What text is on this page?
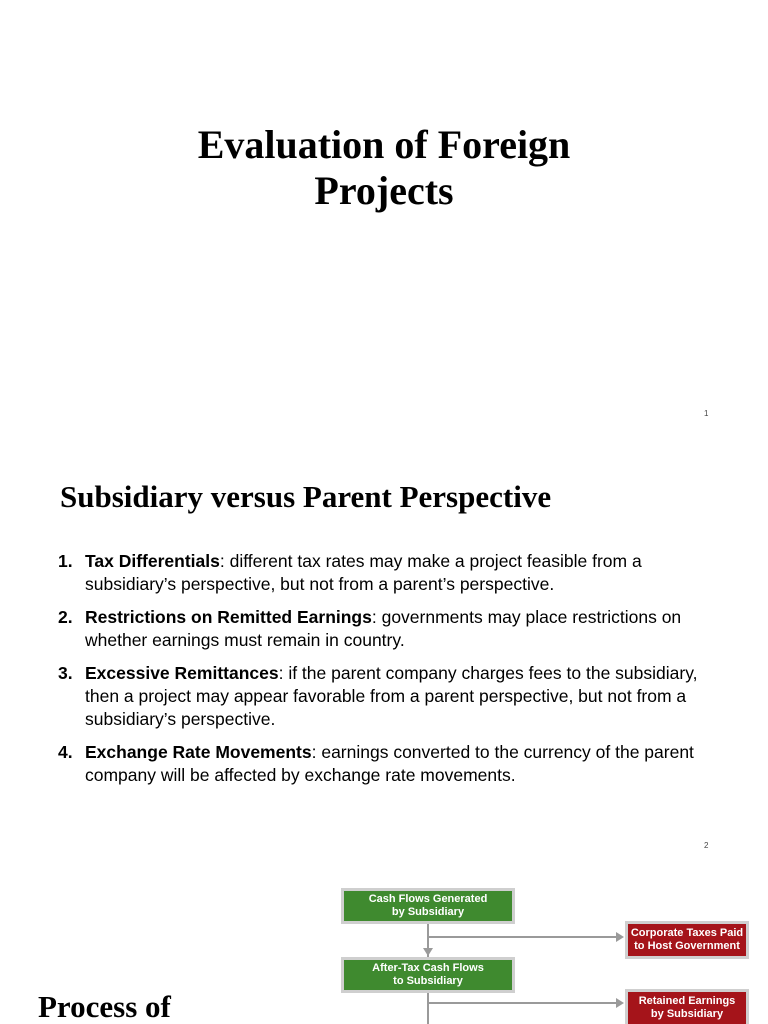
Evaluation of Foreign
Projects
1
Subsidiary versus Parent Perspective
1. Tax Differentials: different tax rates may make a project feasible from a subsidiary’s perspective, but not from a parent’s perspective.
2. Restrictions on Remitted Earnings: governments may place restrictions on whether earnings must remain in country.
3. Excessive Remittances: if the parent company charges fees to the subsidiary, then a project may appear favorable from a parent perspective, but not from a subsidiary’s perspective.
4. Exchange Rate Movements: earnings converted to the currency of the parent company will be affected by exchange rate movements.
2
Process of
Cash Flows Generated
by Subsidiary
After-Tax Cash Flows
to Subsidiary
Corporate Taxes Paid
to Host Government
Retained Earnings
by Subsidiary
